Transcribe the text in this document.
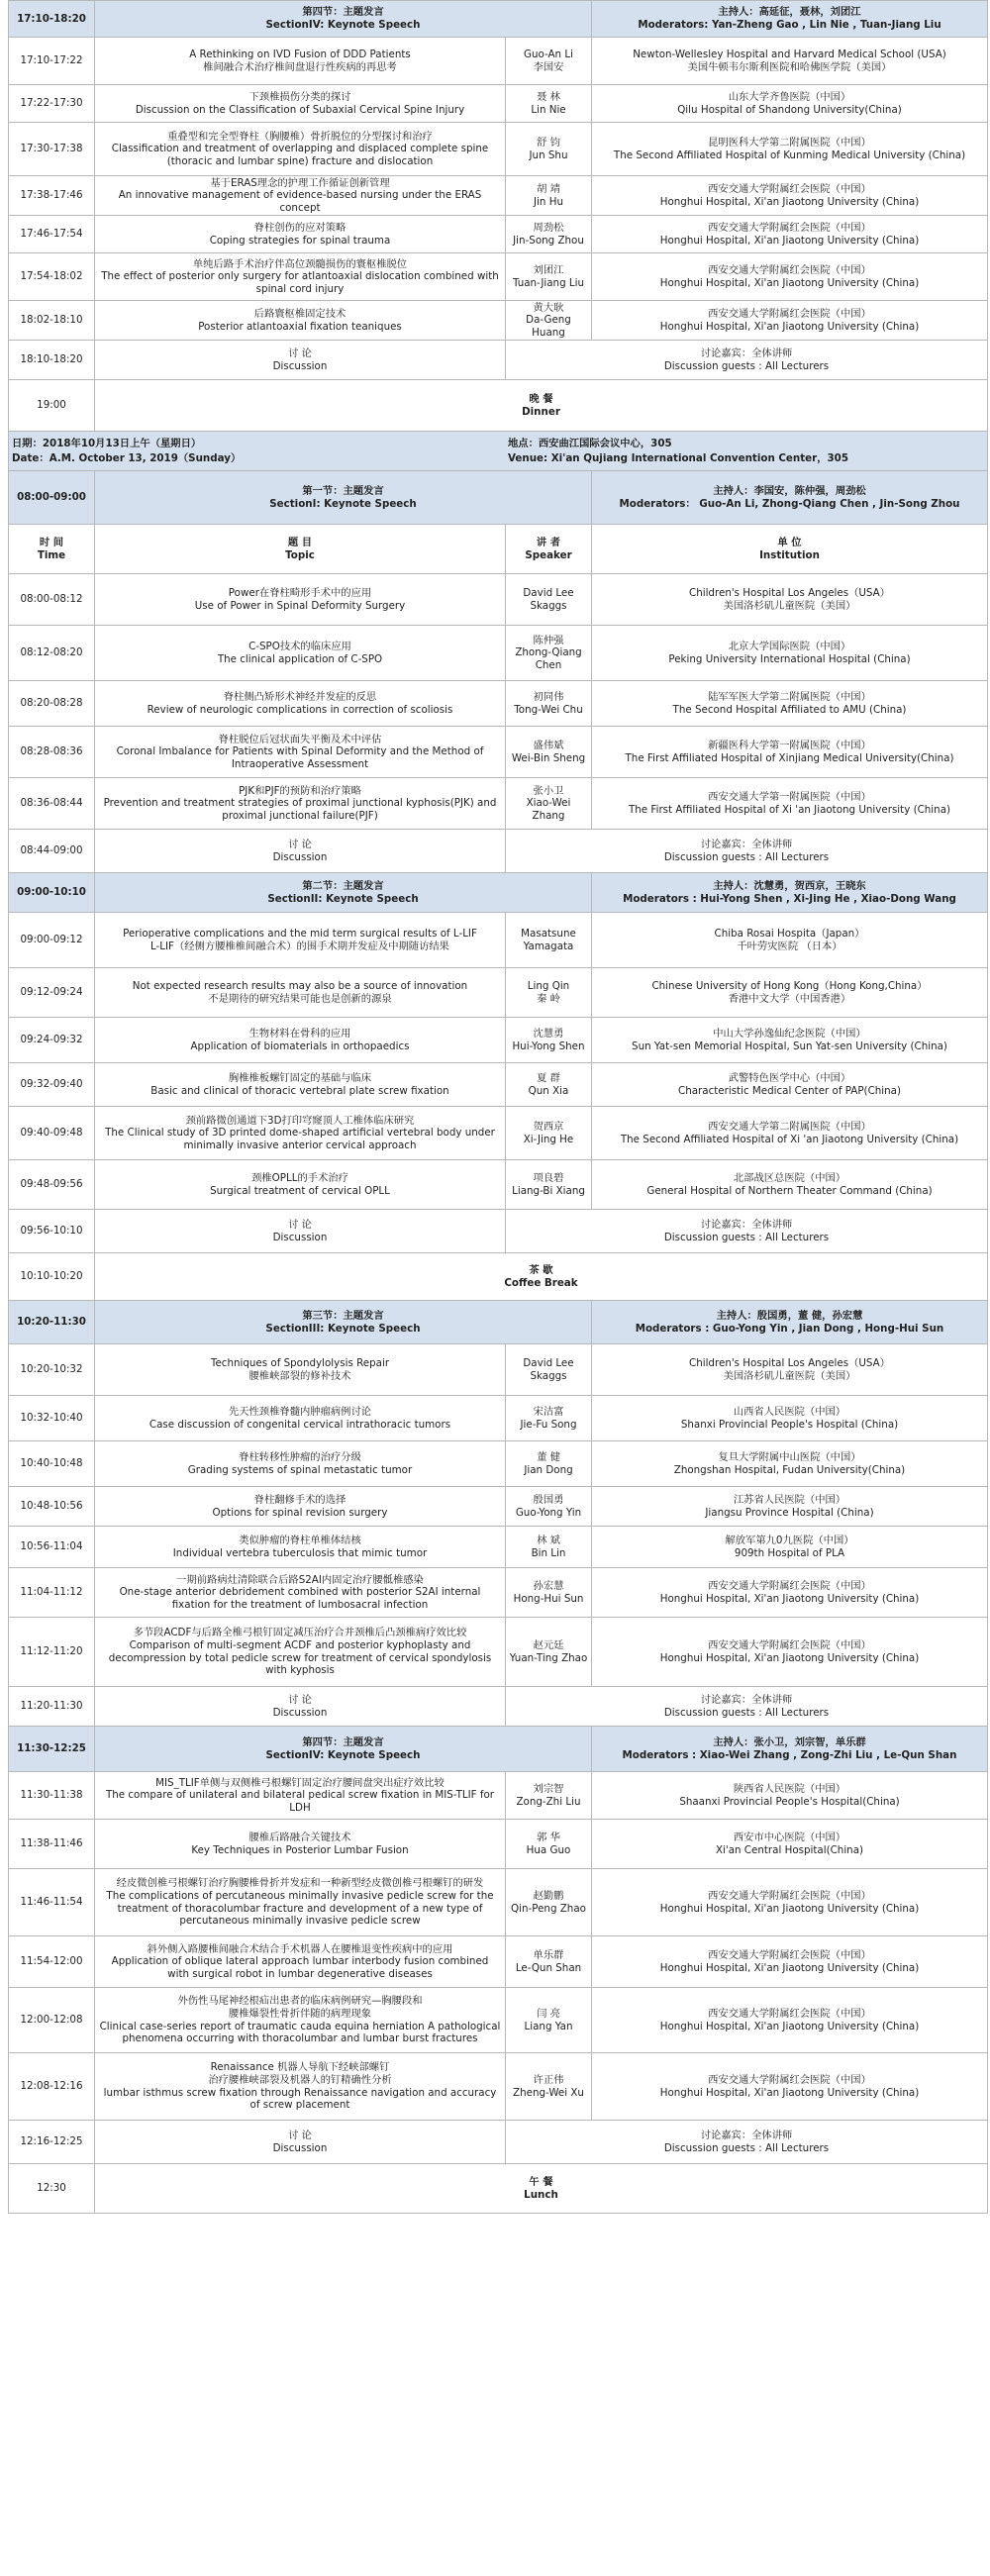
17:10-18:20
第四节：主题发言
SectionIV: Keynote Speech
主持人：高延征，聂林，刘团江
Moderators: Yan-Zheng Gao , Lin Nie , Tuan-Jiang Liu
17:10-17:22
A Rethinking on IVD Fusion of DDD Patients
椎间融合术治疗椎间盘退行性疾病的再思考
Guo-An Li
李国安
Newton-Wellesley Hospital and Harvard Medical School (USA)
美国牛顿韦尔斯利医院和哈佛医学院（美国）
17:22-17:30
下颈椎损伤分类的探讨
Discussion on the Classification of Subaxial Cervical Spine Injury
聂 林
Lin Nie
山东大学齐鲁医院（中国）
Qilu Hospital of Shandong University(China)
17:30-17:38
重叠型和完全型脊柱（胸腰椎）骨折脱位的分型探讨和治疗
Classification and treatment of overlapping and displaced complete spine
(thoracic and lumbar spine) fracture and dislocation
舒 钧
Jun Shu
昆明医科大学第二附属医院（中国）
The Second Affiliated Hospital of Kunming Medical University (China)
17:38-17:46
基于ERAS理念的护理工作循证创新管理
An innovative management of evidence-based nursing under the ERAS
concept
胡 靖
Jin Hu
西安交通大学附属红会医院（中国）
Honghui Hospital, Xi'an Jiaotong University (China)
17:46-17:54
脊柱创伤的应对策略
Coping strategies for spinal trauma
周劲松
Jin-Song Zhou
西安交通大学附属红会医院（中国）
Honghui Hospital, Xi'an Jiaotong University (China)
17:54-18:02
单纯后路手术治疗伴高位颈髓损伤的寰枢椎脱位
The effect of posterior only surgery for atlantoaxial dislocation combined with
spinal cord injury
刘团江
Tuan-Jiang Liu
西安交通大学附属红会医院（中国）
Honghui Hospital, Xi'an Jiaotong University (China)
18:02-18:10
后路寰枢椎固定技术
Posterior atlantoaxial fixation teaniques
黄大耿
Da-Geng Huang
西安交通大学附属红会医院（中国）
Honghui Hospital, Xi'an Jiaotong University (China)
18:10-18:20
讨 论
Discussion
讨论嘉宾：全体讲师
Discussion guests : All Lecturers
19:00
晚 餐
Dinner
日期：2018年10月13日上午（星期日）
Date：A.M. October 13, 2019（Sunday）
地点：西安曲江国际会议中心，305
Venue: Xi'an Qujiang International Convention Center，305
08:00-09:00
第一节：主题发言
SectionI: Keynote Speech
主持人：李国安，陈仲强，周劲松
Moderators： Guo-An Li, Zhong-Qiang Chen , Jin-Song Zhou
时 间
Time
题 目
Topic
讲 者
Speaker
单 位
Institution
08:00-08:12
Power在脊柱畸形手术中的应用
Use of Power in Spinal Deformity Surgery
David Lee
Skaggs
Children's Hospital Los Angeles（USA）
美国洛杉矶儿童医院（美国）
08:12-08:20
C-SPO技术的临床应用
The clinical application of C-SPO
陈仲强
Zhong-Qiang
Chen
北京大学国际医院（中国）
Peking University International Hospital (China)
08:20-08:28
脊柱侧凸矫形术神经并发症的反思
Review of neurologic complications in correction of scoliosis
初同伟
Tong-Wei Chu
陆军军医大学第二附属医院（中国）
The Second Hospital Affiliated to AMU (China)
08:28-08:36
脊柱脱位后冠状面失平衡及术中评估
Coronal Imbalance for Patients with Spinal Deformity and the Method of
Intraoperative Assessment
盛伟斌
Wei-Bin Sheng
新疆医科大学第一附属医院（中国）
The First Affiliated Hospital of Xinjiang Medical University(China)
08:36-08:44
PJK和PJF的预防和治疗策略
Prevention and treatment strategies of proximal junctional kyphosis(PJK) and
proximal junctional failure(PJF)
张小卫
Xiao-Wei Zhang
西安交通大学第一附属医院（中国）
The First Affiliated Hospital of Xi 'an Jiaotong University (China)
08:44-09:00
讨 论
Discussion
讨论嘉宾：全体讲师
Discussion guests : All Lecturers
09:00-10:10
第二节：主题发言
SectionII: Keynote Speech
主持人：沈慧勇，贺西京，王晓东
Moderators : Hui-Yong Shen , Xi-Jing He , Xiao-Dong Wang
09:00-09:12
Perioperative complications and the mid term surgical results of L-LIF
L-LIF（经侧方腰椎椎间融合术）的围手术期并发症及中期随访结果
Masatsune
Yamagata
Chiba Rosai Hospita（Japan）
千叶劳灾医院 （日本）
09:12-09:24
Not expected research results may also be a source of innovation
不是期待的研究结果可能也是创新的源泉
Ling Qin
秦 岭
Chinese University of Hong Kong（Hong Kong,China）
香港中文大学（中国香港）
09:24-09:32
生物材料在骨科的应用
Application of biomaterials in orthopaedics
沈慧勇
Hui-Yong Shen
中山大学孙逸仙纪念医院（中国）
Sun Yat-sen Memorial Hospital, Sun Yat-sen University (China)
09:32-09:40
胸椎椎板螺钉固定的基础与临床
Basic and clinical of thoracic vertebral plate screw fixation
夏 群
Qun Xia
武警特色医学中心（中国）
Characteristic Medical Center of PAP(China)
09:40-09:48
颈前路微创通道下3D打印穹窿顶人工椎体临床研究
The Clinical study of 3D printed dome-shaped artificial vertebral body under
minimally invasive anterior cervical approach
贺西京
Xi-Jing He
西安交通大学第二附属医院（中国）
The Second Affiliated Hospital of Xi 'an Jiaotong University (China)
09:48-09:56
颈椎OPLL的手术治疗
Surgical treatment of cervical OPLL
项良碧
Liang-Bi Xiang
北部战区总医院（中国）
General Hospital of Northern Theater Command (China)
09:56-10:10
讨 论
Discussion
讨论嘉宾：全体讲师
Discussion guests : All Lecturers
10:10-10:20
茶 歇
Coffee Break
10:20-11:30
第三节：主题发言
SectionIII: Keynote Speech
主持人：殷国勇，董 健，孙宏慧
Moderators : Guo-Yong Yin , Jian Dong , Hong-Hui Sun
10:20-10:32
Techniques of Spondylolysis Repair
腰椎峡部裂的修补技术
David Lee
Skaggs
Children's Hospital Los Angeles（USA）
美国洛杉矶儿童医院（美国）
10:32-10:40
先天性颈椎脊髓内肿瘤病例讨论
Case discussion of congenital cervical intrathoracic tumors
宋洁富
Jie-Fu Song
山西省人民医院（中国）
Shanxi Provincial People's Hospital (China)
10:40-10:48
脊柱转移性肿瘤的治疗分级
Grading systems of spinal metastatic tumor
董 健
Jian Dong
复旦大学附属中山医院（中国）
Zhongshan Hospital, Fudan University(China)
10:48-10:56
脊柱翻修手术的选择
Options for spinal revision surgery
殷国勇
Guo-Yong Yin
江苏省人民医院（中国）
Jiangsu Province Hospital (China)
10:56-11:04
类似肿瘤的脊柱单椎体结核
Individual vertebra tuberculosis that mimic tumor
林 斌
Bin Lin
解放军第九0九医院（中国）
909th Hospital of PLA
11:04-11:12
一期前路病灶清除联合后路S2AI内固定治疗腰骶椎感染
One-stage anterior debridement combined with posterior S2AI internal
fixation for the treatment of lumbosacral infection
孙宏慧
Hong-Hui Sun
西安交通大学附属红会医院（中国）
Honghui Hospital, Xi'an Jiaotong University (China)
11:12-11:20
多节段ACDF与后路全椎弓根钉固定减压治疗合并颈椎后凸颈椎病疗效比较
Comparison of multi-segment ACDF and posterior kyphoplasty and
decompression by total pedicle screw for treatment of cervical spondylosis
with kyphosis
赵元廷
Yuan-Ting Zhao
西安交通大学附属红会医院（中国）
Honghui Hospital, Xi'an Jiaotong University (China)
11:20-11:30
讨 论
Discussion
讨论嘉宾：全体讲师
Discussion guests : All Lecturers
11:30-12:25
第四节：主题发言
SectionIV: Keynote Speech
主持人：张小卫，刘宗智，单乐群
Moderators : Xiao-Wei Zhang , Zong-Zhi Liu , Le-Qun Shan
11:30-11:38
MIS_TLIF单侧与双侧椎弓根螺钉固定治疗腰间盘突出症疗效比较
The compare of unilateral and bilateral pedical screw fixation in MIS-TLIF for
LDH
刘宗智
Zong-Zhi Liu
陕西省人民医院（中国）
Shaanxi Provincial People's Hospital(China)
11:38-11:46
腰椎后路融合关键技术
Key Techniques in Posterior Lumbar Fusion
郭 华
Hua Guo
西安市中心医院（中国）
Xi'an Central Hospital(China)
11:46-11:54
经皮微创椎弓根螺钉治疗胸腰椎骨折并发症和一种新型经皮微创椎弓根螺钉的研发
The complications of percutaneous minimally invasive pedicle screw for the
treatment of thoracolumbar fracture and development of a new type of
percutaneous minimally invasive pedicle screw
赵勤鹏
Qin-Peng Zhao
西安交通大学附属红会医院（中国）
Honghui Hospital, Xi'an Jiaotong University (China)
11:54-12:00
斜外侧入路腰椎间融合术结合手术机器人在腰椎退变性疾病中的应用
Application of oblique lateral approach lumbar interbody fusion combined
with surgical robot in lumbar degenerative diseases
单乐群
Le-Qun Shan
西安交通大学附属红会医院（中国）
Honghui Hospital, Xi'an Jiaotong University (China)
12:00-12:08
外伤性马尾神经根疝出患者的临床病例研究—胸腰段和
腰椎爆裂性骨折伴随的病理现象
Clinical case-series report of traumatic cauda equina herniation A pathological
phenomena occurring with thoracolumbar and lumbar burst fractures
闫 亮
Liang Yan
西安交通大学附属红会医院（中国）
Honghui Hospital, Xi'an Jiaotong University (China)
12:08-12:16
Renaissance 机器人导航下经峡部螺钉
治疗腰椎峡部裂及机器人的钉精确性分析
lumbar isthmus screw fixation through Renaissance navigation and accuracy
of screw placement
许正伟
Zheng-Wei Xu
西安交通大学附属红会医院（中国）
Honghui Hospital, Xi'an Jiaotong University (China)
12:16-12:25
讨 论
Discussion
讨论嘉宾：全体讲师
Discussion guests : All Lecturers
12:30
午 餐
Lunch
